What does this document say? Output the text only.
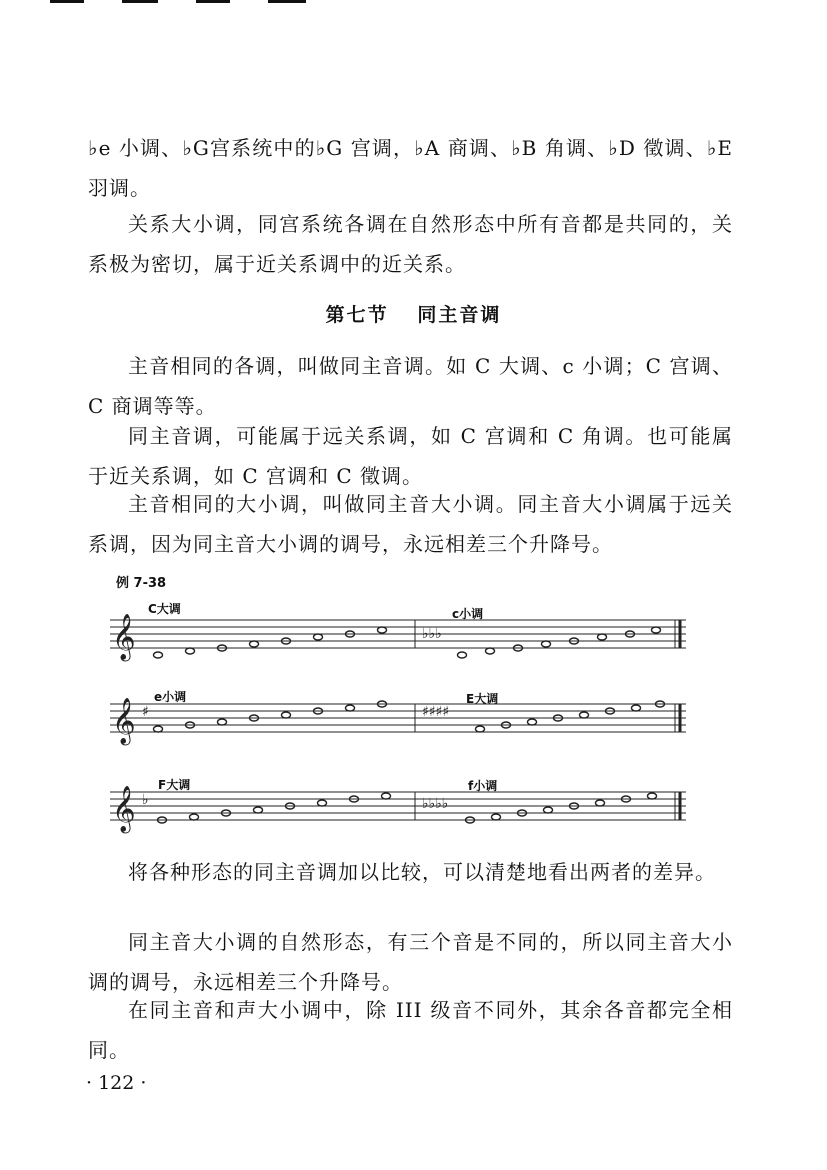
♭e 小调、♭G宫系统中的♭G 宫调，♭A 商调、♭B 角调、♭D 徵调、♭E 羽调。

关系大小调，同宫系统各调在自然形态中所有音都是共同的，关系极为密切，属于近关系调中的近关系。

第七节 同主音调

主音相同的各调，叫做同主音调。如 C 大调、c 小调；C 宫调、C 商调等等。

同主音调，可能属于远关系调，如 C 宫调和 C 角调。也可能属于近关系调，如 C 宫调和 C 徵调。

主音相同的大小调，叫做同主音大小调。同主音大小调属于远关系调，因为同主音大小调的调号，永远相差三个升降号。

例 7-38
C大调	c小调
e小调	E大调
F大调	f小调
𝄞
𝄞
𝄞
♭♭♭
♯	♯♯♯♯
♭	♭♭♭♭

将各种形态的同主音调加以比较，可以清楚地看出两者的差异。

同主音大小调的自然形态，有三个音是不同的，所以同主音大小调的调号，永远相差三个升降号。

在同主音和声大小调中，除 III 级音不同外，其余各音都完全相同。

· 122 ·
